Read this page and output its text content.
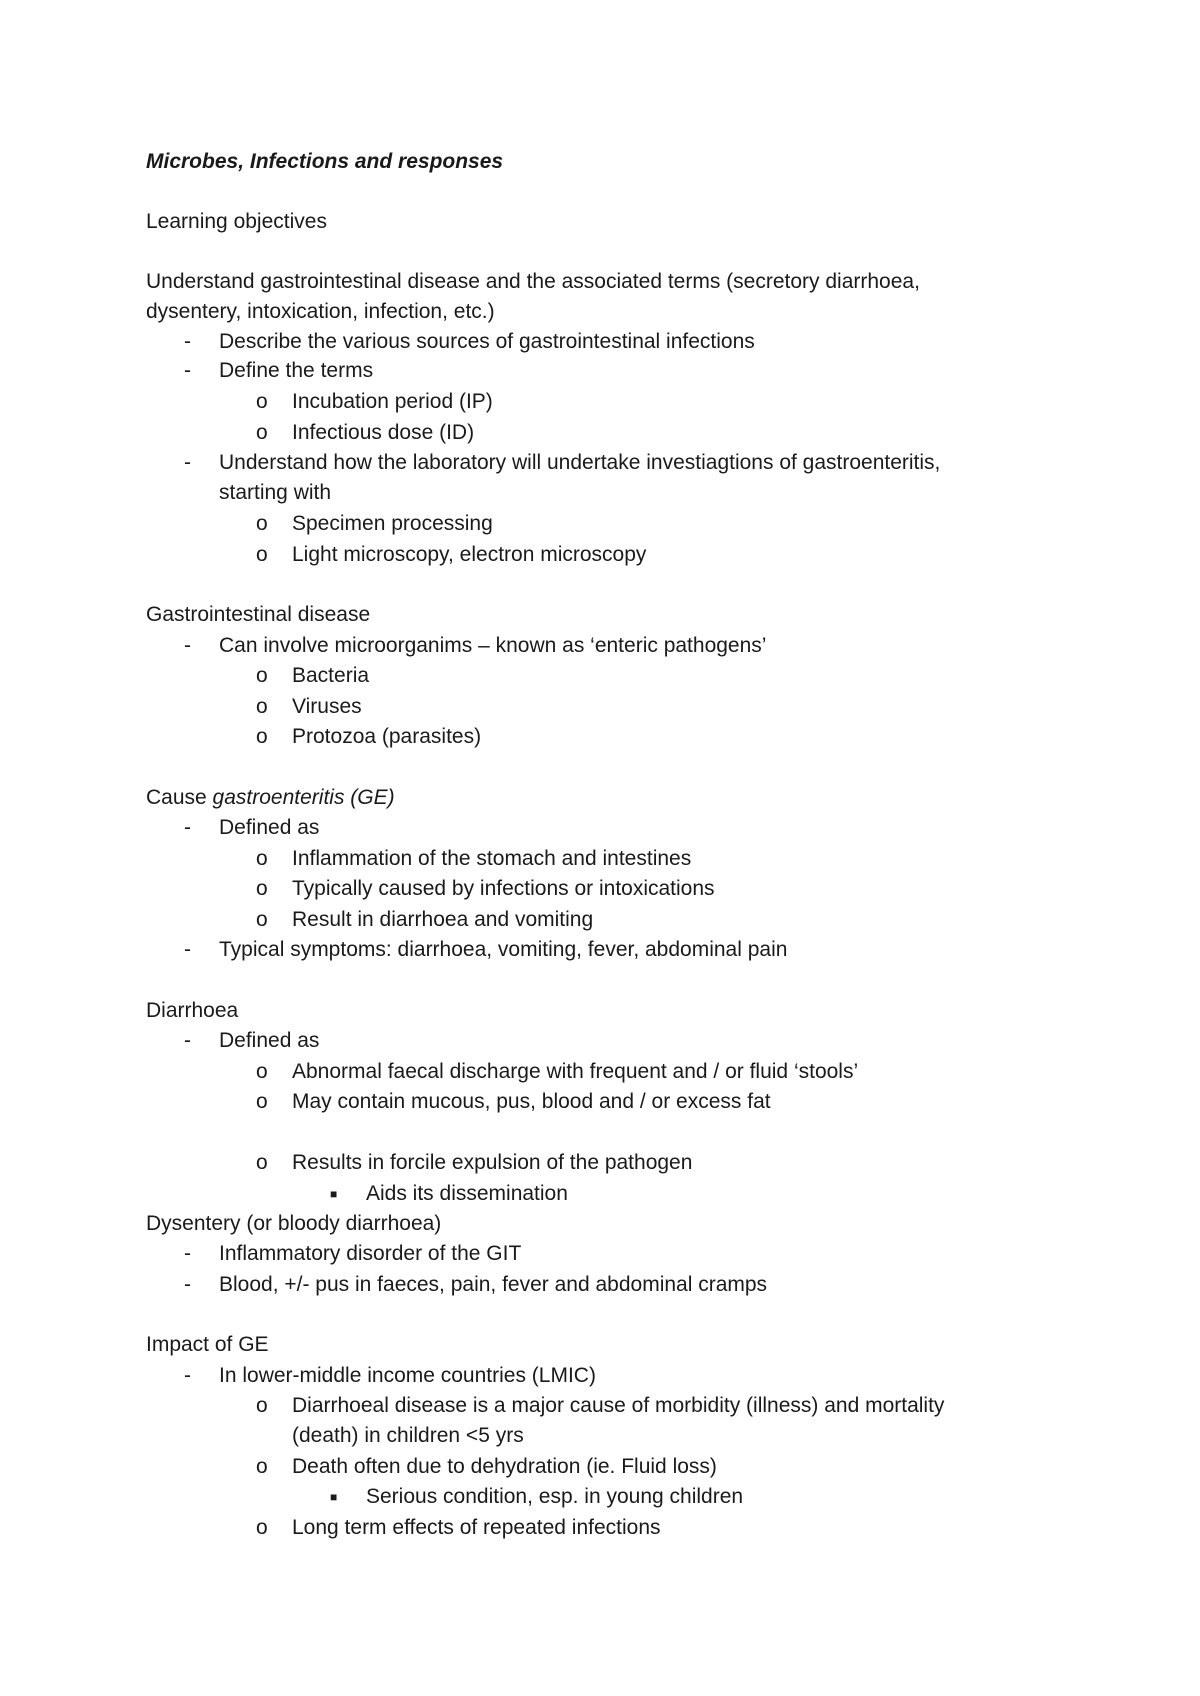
Microbes, Infections and responses
Learning objectives
Understand gastrointestinal disease and the associated terms (secretory diarrhoea,
dysentery, intoxication, infection, etc.)
- Describe the various sources of gastrointestinal infections
- Define the terms
o Incubation period (IP)
o Infectious dose (ID)
- Understand how the laboratory will undertake investiagtions of gastroenteritis,
starting with
o Specimen processing
o Light microscopy, electron microscopy
Gastrointestinal disease
- Can involve microorganims – known as ‘enteric pathogens’
o Bacteria
o Viruses
o Protozoa (parasites)
Cause gastroenteritis (GE)
- Defined as
o Inflammation of the stomach and intestines
o Typically caused by infections or intoxications
o Result in diarrhoea and vomiting
- Typical symptoms: diarrhoea, vomiting, fever, abdominal pain
Diarrhoea
- Defined as
o Abnormal faecal discharge with frequent and / or fluid ‘stools’
o May contain mucous, pus, blood and / or excess fat
o Results in forcile expulsion of the pathogen
■ Aids its dissemination
Dysentery (or bloody diarrhoea)
- Inflammatory disorder of the GIT
- Blood, +/- pus in faeces, pain, fever and abdominal cramps
Impact of GE
- In lower-middle income countries (LMIC)
o Diarrhoeal disease is a major cause of morbidity (illness) and mortality
(death) in children <5 yrs
o Death often due to dehydration (ie. Fluid loss)
■ Serious condition, esp. in young children
o Long term effects of repeated infections
